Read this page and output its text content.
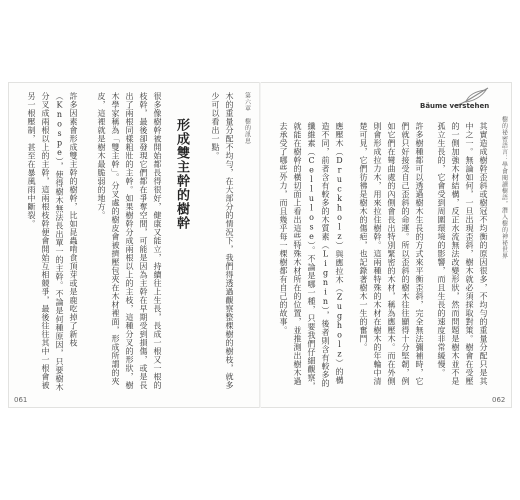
061
第六章　樹的訊息
木的重量分配不均勻，在大部分的情況下，我們得透過觀察整棵樹的樹枝，就多少可以看出一點。
形成雙主幹的樹幹
很多像樹幹被開始都長得很好，健康又能立，持續往上生長，長成一根又一根的枝幹，最後卻發現它們都在爭奪空間，可能是因為主幹在早期受到損傷，或是長出了兩根同樣粗壯的主幹。如果樹幹分成兩根以上的主枝，這種分叉的形狀，樹木學家稱為「雙主幹」。分叉處的樹皮會被擠壓包夾在木材裡面，形成所謂的夾皮，這裡就是樹木最脆弱的地方。
許多因素會形成雙主幹的樹幹，比如昆蟲啃食頂芽或是鹿吃掉了新枝（Knospe），使得樹木無法長出單一的主幹。不論是何種原因，只要樹木分叉成兩根以上的主幹，這兩根枝幹便會開始互相競爭，最後往往其中一根會被另一根壓制，甚至在暴風雨中斷裂。
062
Bäume verstehen
樹的祕密語言：學會閱讀樹語，潛入樹的神祕世界
其實造成樹幹歪斜或樹冠不均衡的原因很多，不均勻的重量分配只是其中之一。無論如何，一旦出現歪斜，樹木就必須採取對策。樹會在受壓的一側加強木材結構，反正水流無法改變形狀，然而問題是樹木並不是孤立生長的，它會受到周圍環境的影響，而且生長的速度非常緩慢。
許多樹種都可以透過樹木生長的方式來平衡歪斜，完全無法彌補時，它們就只好接受自己歪斜的命運。所以歪斜的樹木往往顯得十分堅韌，例如它們在彎曲處的內側會長出特別緊密的木材，稱為應壓木。而在外側則會形成拉力木，用來拉住樹幹。這兩種特殊的木材在樹木的年輪中清楚可見，它們彷彿是樹木的傷疤，也記錄著樹木一生的奮鬥。
應壓木（Druckholz）與應拉木（Zugholz）的構造不同，前者含有較多的木質素（Lignin），後者則含有較多的纖維素（Cellulose）。不論是哪一種，只要我們仔細觀察，就能在樹幹的橫切面上看出這些特殊木材所在的位置，並推測出樹木過去承受了哪些外力，而且幾乎每一棵樹都有自己的故事。
